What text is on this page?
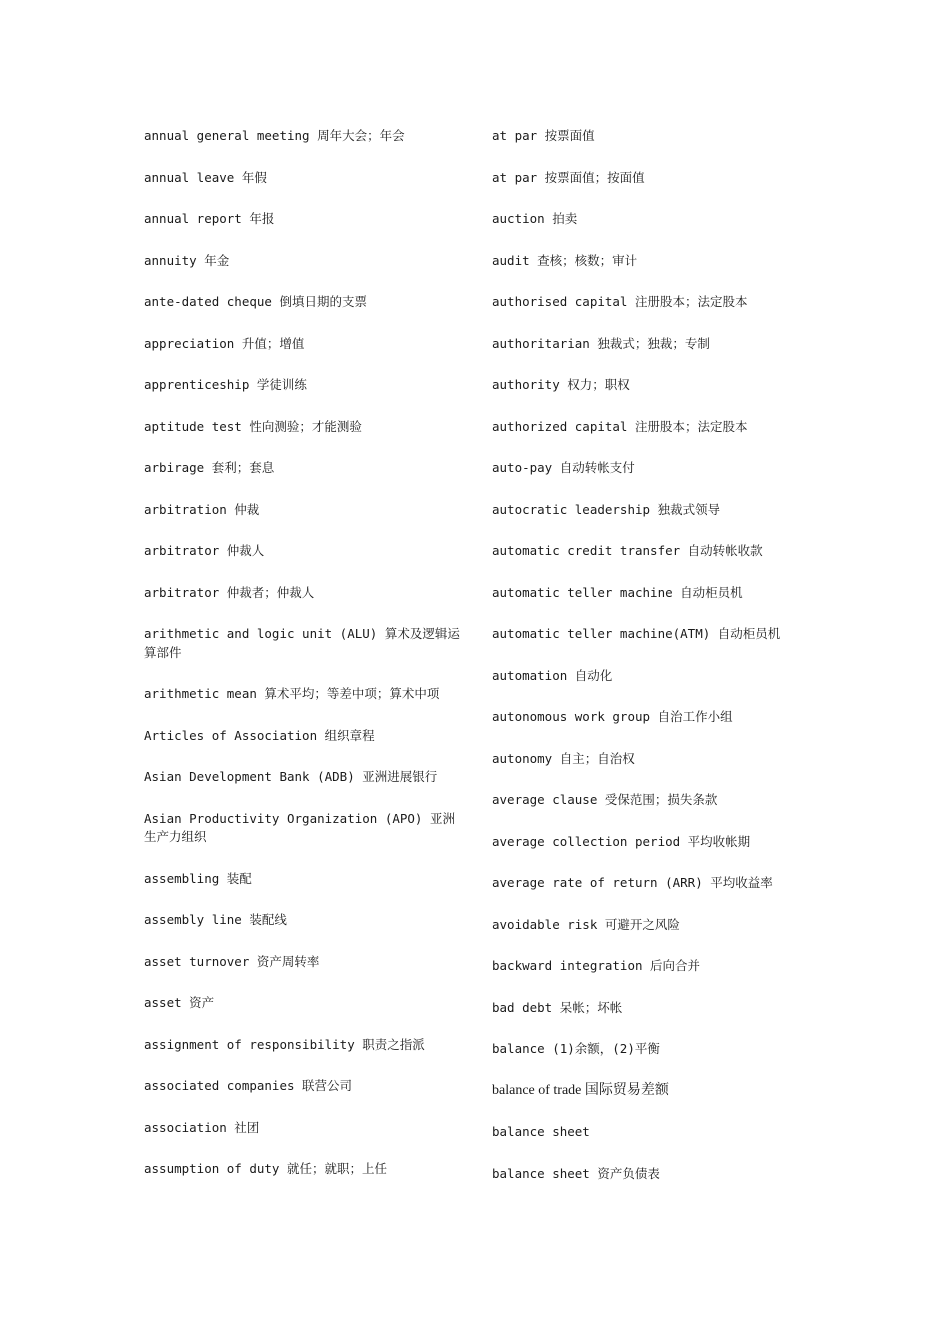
annual general meeting 周年大会；年会

annual leave 年假

annual report 年报

annuity 年金

ante-dated cheque 倒填日期的支票

appreciation 升值；增值

apprenticeship 学徒训练

aptitude test 性向测验；才能测验

arbirage 套利；套息

arbitration 仲裁

arbitrator 仲裁人

arbitrator 仲裁者；仲裁人

arithmetic and logic unit (ALU) 算术及逻辑运算部件

arithmetic mean 算术平均；等差中项；算术中项

Articles of Association 组织章程

Asian Development Bank (ADB) 亚洲进展银行

Asian Productivity Organization (APO) 亚洲生产力组织

assembling 装配

assembly line 装配线

asset turnover 资产周转率

asset 资产

assignment of responsibility 职责之指派

associated companies 联营公司

association 社团

assumption of duty 就任；就职；上任

at par 按票面值

at par 按票面值；按面值

auction 拍卖

audit 查核；核数；审计

authorised capital 注册股本；法定股本

authoritarian 独裁式；独裁；专制

authority 权力；职权

authorized capital 注册股本；法定股本

auto-pay 自动转帐支付

autocratic leadership 独裁式领导

automatic credit transfer 自动转帐收款

automatic teller machine 自动柜员机

automatic teller machine(ATM) 自动柜员机

automation 自动化

autonomous work group 自治工作小组

autonomy 自主；自治权

average clause 受保范围；损失条款

average collection period 平均收帐期

average rate of return (ARR) 平均收益率

avoidable risk 可避开之风险

backward integration 后向合并

bad debt 呆帐；坏帐

balance (1)余额，(2)平衡

balance of trade 国际贸易差额

balance sheet

balance sheet 资产负债表
